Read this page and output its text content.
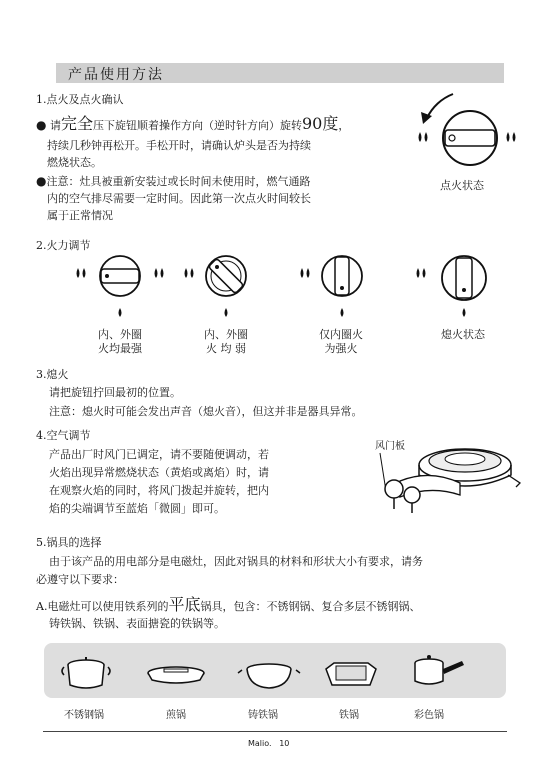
产品使用方法
1.点火及点火确认
● 请完全压下旋钮顺着操作方向（逆时针方向）旋转90度，
持续几秒钟再松开。手松开时，请确认炉头是否为持续
燃烧状态。
●注意：灶具被重新安装过或长时间未使用时，燃气通路
内的空气排尽需要一定时间。因此第一次点火时间较长
属于正常情况
点火状态
2.火力调节
内、外圈
火均最强
内、外圈
火 均 弱
仅内圈火
为强火
熄火状态
3.熄火
请把旋钮拧回最初的位置。
注意：熄火时可能会发出声音（熄火音），但这并非是器具异常。
4.空气调节
产品出厂时风门已调定，请不要随便调动，若
火焰出现异常燃烧状态（黄焰或离焰）时，请
在观察火焰的同时，将风门拨起并旋转，把内
焰的尖端调节至蓝焰「微圆」即可。
风门板
5.锅具的选择
由于该产品的用电部分是电磁灶，因此对锅具的材料和形状大小有要求，请务
必遵守以下要求：
A.电磁灶可以使用铁系列的平底锅具，包含：不锈钢锅、复合多层不锈钢锅、
铸铁锅、铁锅、表面搪瓷的铁锅等。
不锈钢锅	煎锅	铸铁锅	铁锅	彩色锅
Malio. 10
